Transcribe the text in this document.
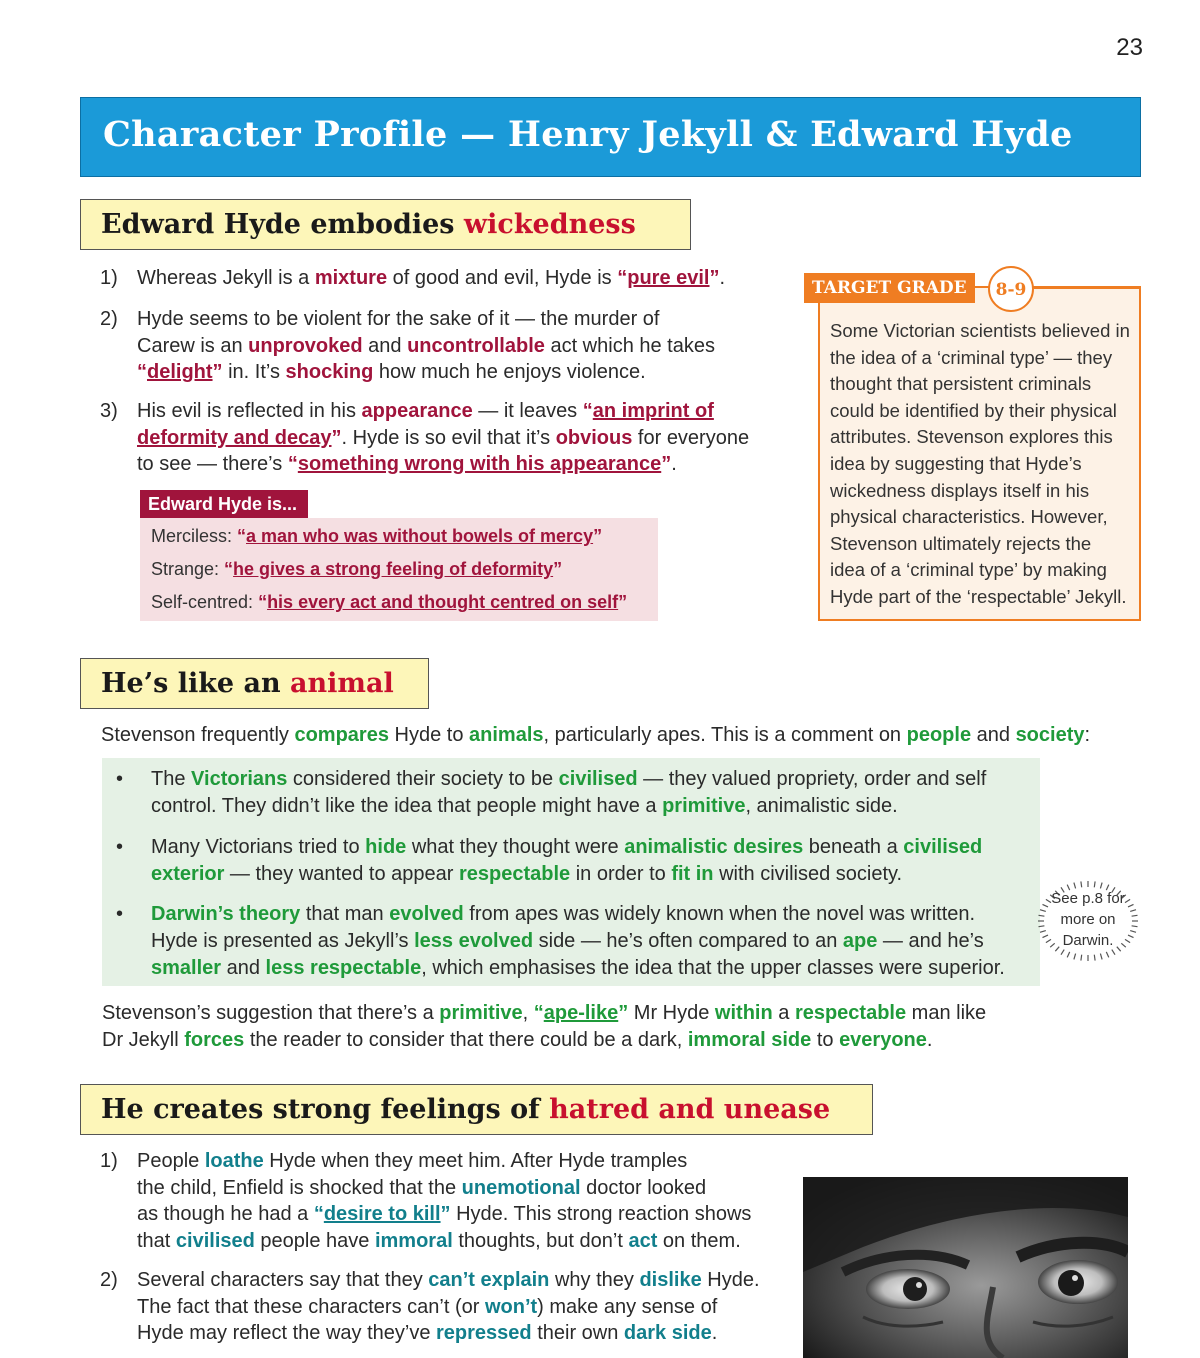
23
Character Profile — Henry Jekyll & Edward Hyde
Edward Hyde embodies wickedness
1) Whereas Jekyll is a mixture of good and evil, Hyde is “pure evil”.
2) Hyde seems to be violent for the sake of it — the murder of
Carew is an unprovoked and uncontrollable act which he takes
“delight” in. It’s shocking how much he enjoys violence.
3) His evil is reflected in his appearance — it leaves “an imprint of
deformity and decay”. Hyde is so evil that it’s obvious for everyone
to see — there’s “something wrong with his appearance”.
Edward Hyde is...
Merciless: “a man who was without bowels of mercy”
Strange: “he gives a strong feeling of deformity”
Self-centred: “his every act and thought centred on self”
TARGET GRADE	8-9
Some Victorian scientists believed in
the idea of a ‘criminal type’ — they
thought that persistent criminals
could be identified by their physical
attributes. Stevenson explores this
idea by suggesting that Hyde’s
wickedness displays itself in his
physical characteristics. However,
Stevenson ultimately rejects the
idea of a ‘criminal type’ by making
Hyde part of the ‘respectable’ Jekyll.
He’s like an animal
Stevenson frequently compares Hyde to animals, particularly apes. This is a comment on people and society:
• The Victorians considered their society to be civilised — they valued propriety, order and self
control. They didn’t like the idea that people might have a primitive, animalistic side.
• Many Victorians tried to hide what they thought were animalistic desires beneath a civilised
exterior — they wanted to appear respectable in order to fit in with civilised society.
• Darwin’s theory that man evolved from apes was widely known when the novel was written.
Hyde is presented as Jekyll’s less evolved side — he’s often compared to an ape — and he’s
smaller and less respectable, which emphasises the idea that the upper classes were superior.
See p.8 for
more on
Darwin.
Stevenson’s suggestion that there’s a primitive, “ape-like” Mr Hyde within a respectable man like
Dr Jekyll forces the reader to consider that there could be a dark, immoral side to everyone.
He creates strong feelings of hatred and unease
1) People loathe Hyde when they meet him. After Hyde tramples
the child, Enfield is shocked that the unemotional doctor looked
as though he had a “desire to kill” Hyde. This strong reaction shows
that civilised people have immoral thoughts, but don’t act on them.
2) Several characters say that they can’t explain why they dislike Hyde.
The fact that these characters can’t (or won’t) make any sense of
Hyde may reflect the way they’ve repressed their own dark side.
